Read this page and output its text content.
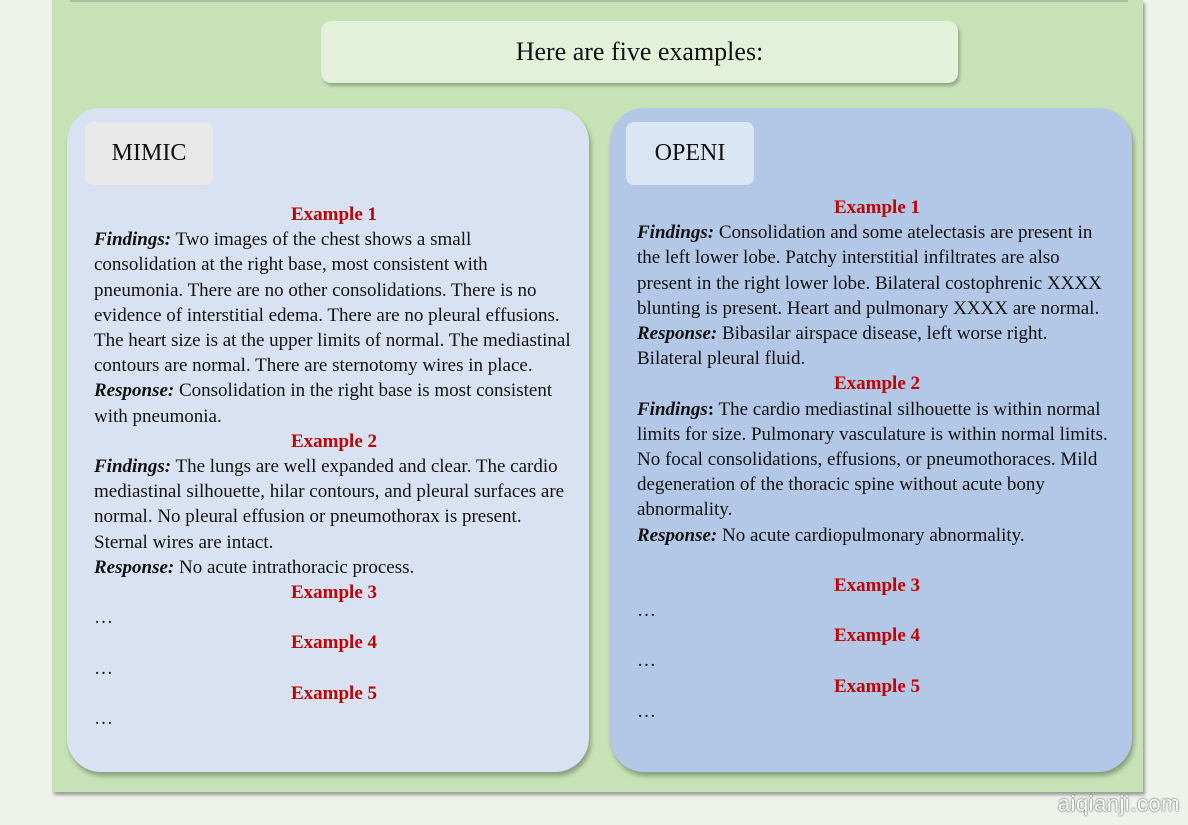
Here are five examples:
MIMIC
Example 1
Findings: Two images of the chest shows a small consolidation at the right base, most consistent with pneumonia. There are no other consolidations. There is no evidence of interstitial edema. There are no pleural effusions. The heart size is at the upper limits of normal. The mediastinal contours are normal. There are sternotomy wires in place.
Response: Consolidation in the right base is most consistent with pneumonia.
Example 2
Findings: The lungs are well expanded and clear. The cardio mediastinal silhouette, hilar contours, and pleural surfaces are normal. No pleural effusion or pneumothorax is present. Sternal wires are intact.
Response: No acute intrathoracic process.
Example 3
…
Example 4
…
Example 5
…
OPENI
Example 1
Findings: Consolidation and some atelectasis are present in the left lower lobe. Patchy interstitial infiltrates are also present in the right lower lobe. Bilateral costophrenic XXXX blunting is present. Heart and pulmonary XXXX are normal.
Response: Bibasilar airspace disease, left worse right. Bilateral pleural fluid.
Example 2
Findings: The cardio mediastinal silhouette is within normal limits for size. Pulmonary vasculature is within normal limits. No focal consolidations, effusions, or pneumothoraces. Mild degeneration of the thoracic spine without acute bony abnormality.
Response: No acute cardiopulmonary abnormality.
Example 3
…
Example 4
…
Example 5
…
aiqianji.com
